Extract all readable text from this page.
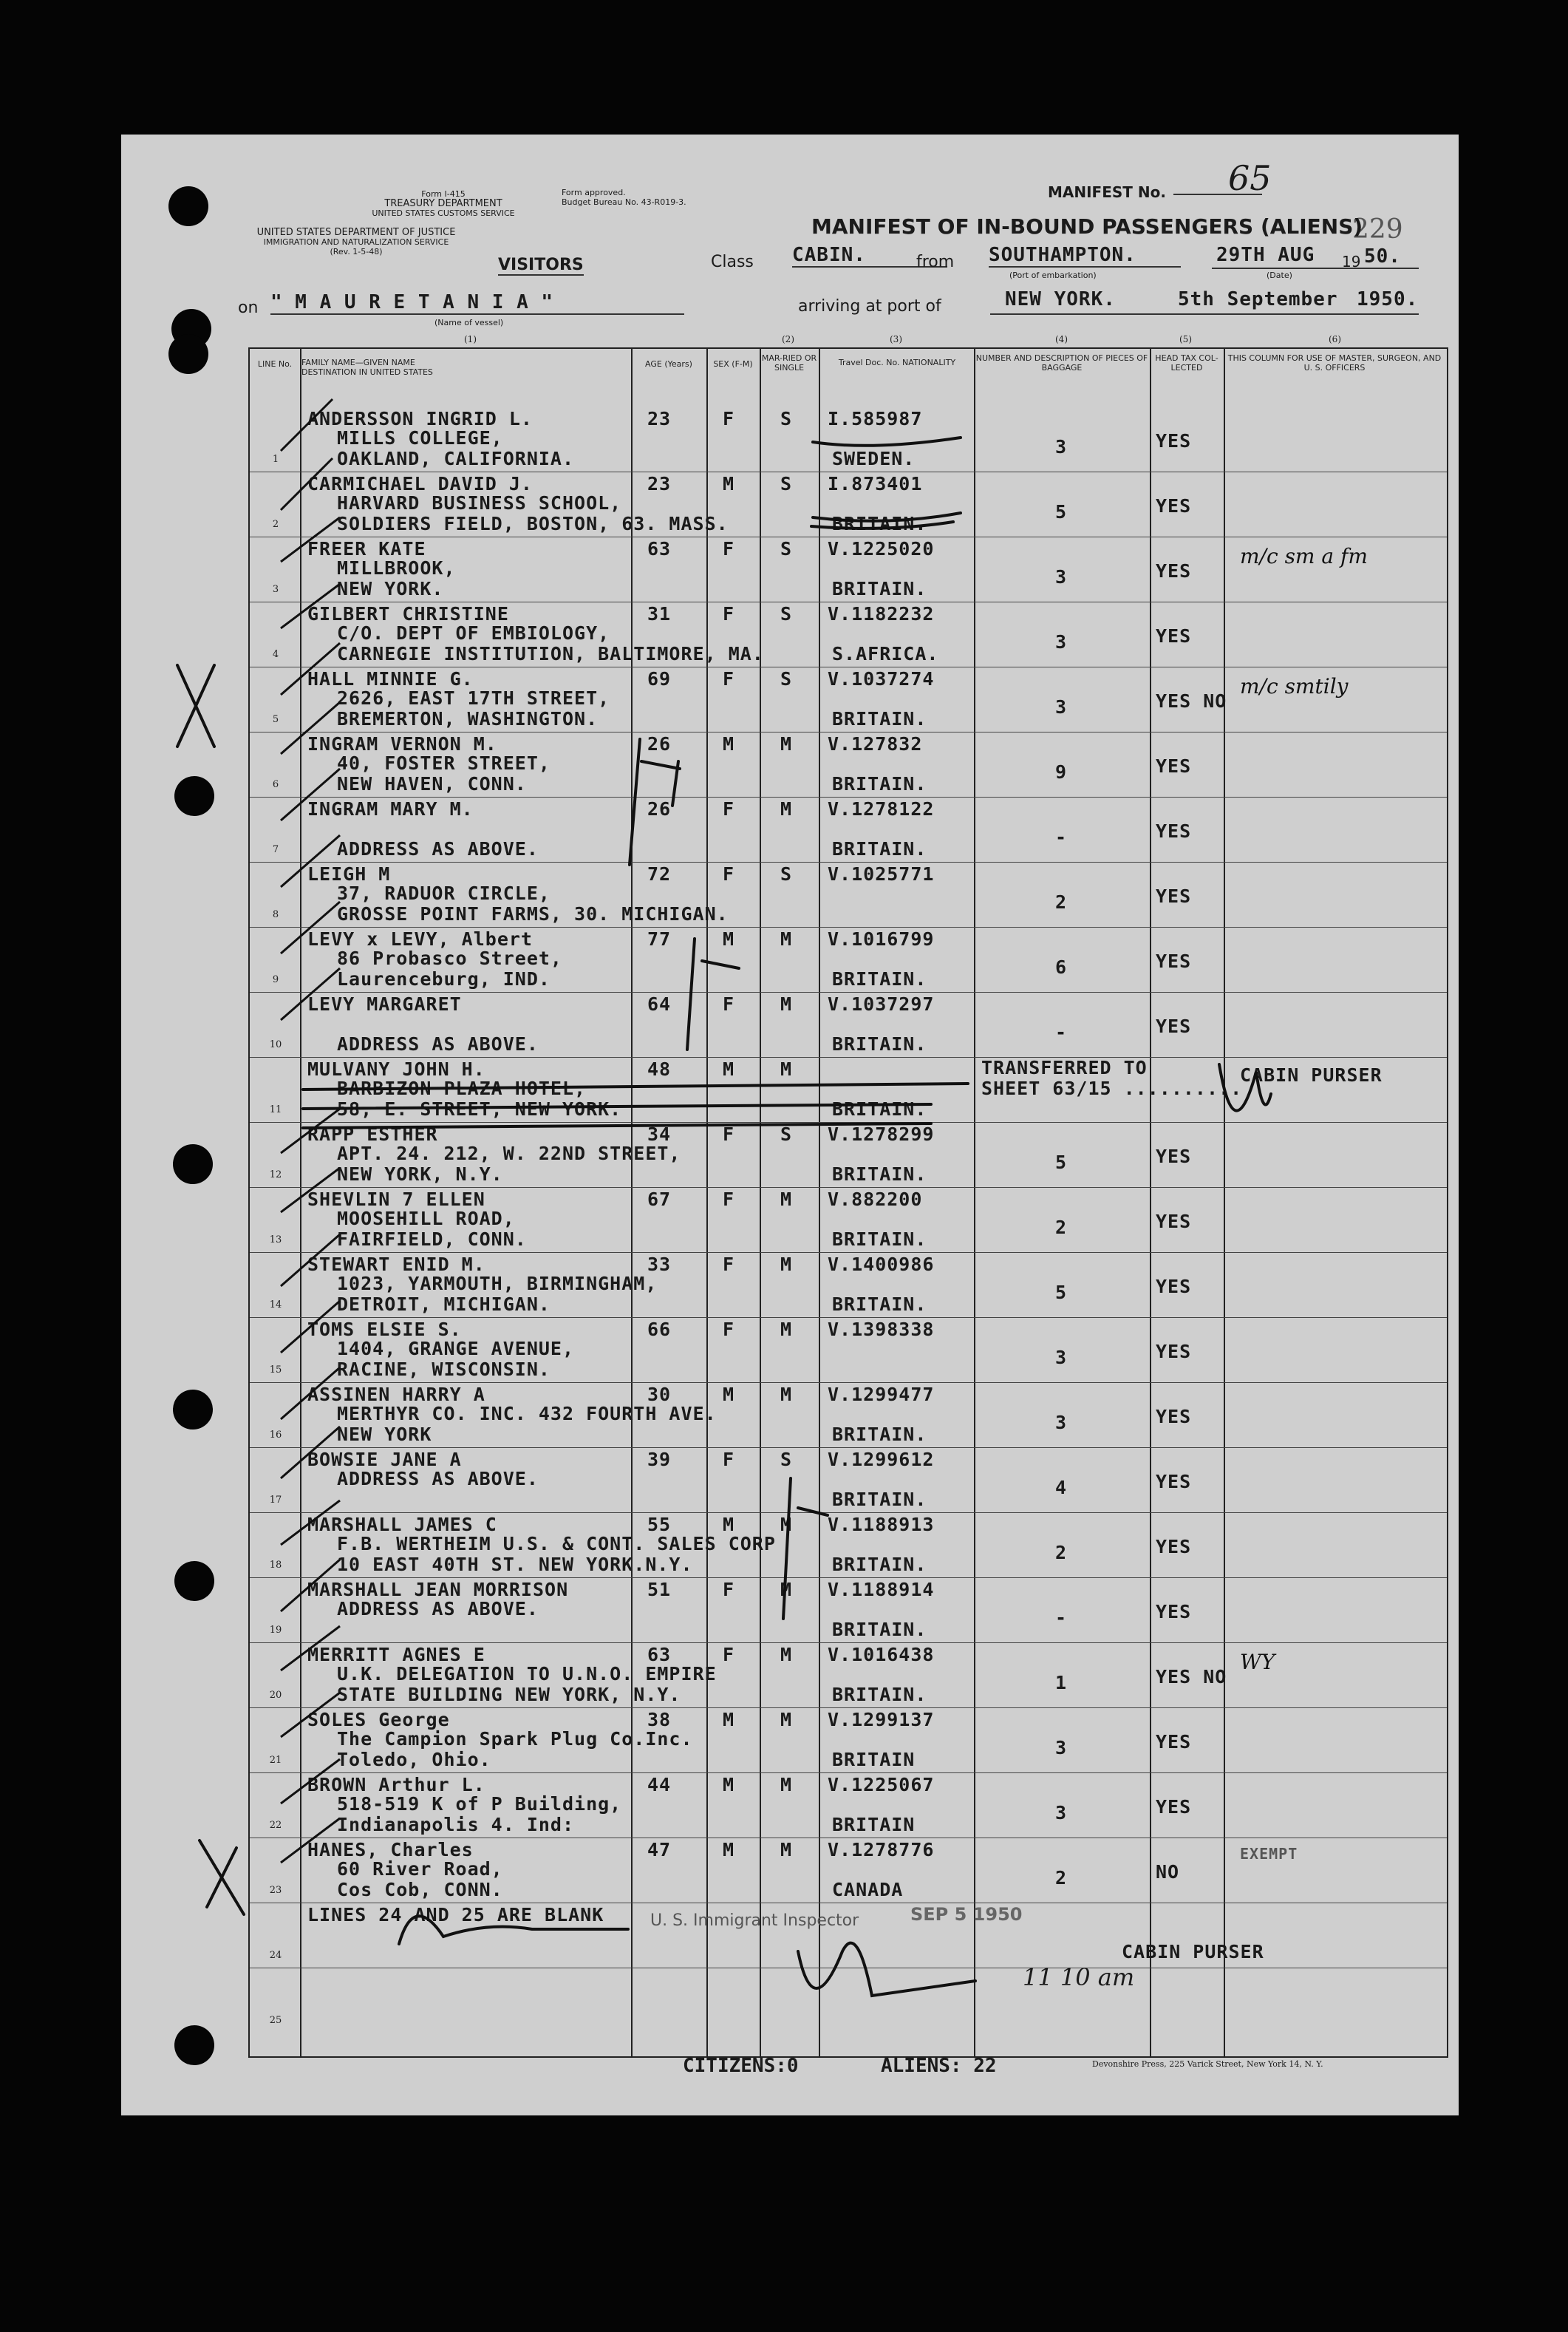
Form I-415
TREASURY DEPARTMENT
UNITED STATES CUSTOMS SERVICE
UNITED STATES DEPARTMENT OF JUSTICE
IMMIGRATION AND NATURALIZATION SERVICE
(Rev. 1-5-48)
Form approved.
Budget Bureau No. 43-R019-3.
MANIFEST No. 65
229
MANIFEST OF IN-BOUND PASSENGERS (ALIENS)
VISITORS	Class CABIN.	from SOUTHAMPTON.
(Port of embarkation)
29TH AUG 19 50.
(Date)
on " M A U R E T A N I A "
(Name of vessel)
arriving at port of	NEW YORK.	5th September 1950.
(1)	(2)	(3)	(4)	(5)	(6)
LINE No.	FAMILY NAME—GIVEN NAME DESTINATION IN UNITED STATES
AGE (Years)	SEX (F-M)
MAR-RIED OR SINGLE
Travel Doc. No. NATIONALITY	NUMBER AND DESCRIPTION OF PIECES OF BAGGAGE
HEAD TAX COL-LECTED
THIS COLUMN FOR USE OF MASTER, SURGEON, AND U. S. OFFICERS
1
ANDERSSON INGRID L.
MILLS COLLEGE,
OAKLAND, CALIFORNIA.
23	F S I.585987
SWEDEN.
3	YES
2
CARMICHAEL DAVID J.
HARVARD BUSINESS SCHOOL,
SOLDIERS FIELD, BOSTON, 63. MASS.
23	M S I.873401
BRITAIN.
5	YES
3
FREER KATE
MILLBROOK,
NEW YORK.
63	F S V.1225020
BRITAIN.
3	YES
m/c sm a fm
4
GILBERT CHRISTINE
C/O. DEPT OF EMBIOLOGY,
CARNEGIE INSTITUTION, BALTIMORE, MA.
31	F S V.1182232
S.AFRICA.
3	YES
5
HALL MINNIE G.
2626, EAST 17TH STREET,
BREMERTON, WASHINGTON.
69	F S V.1037274
BRITAIN.
3	YES NO
m/c smtily
6
INGRAM VERNON M.
40, FOSTER STREET,
NEW HAVEN, CONN.
26	M M V.127832
BRITAIN.
9	YES
7
INGRAM MARY M.
ADDRESS AS ABOVE.
26	F M V.1278122
BRITAIN.
-	YES
8
LEIGH M
37, RADUOR CIRCLE,
GROSSE POINT FARMS, 30. MICHIGAN.
72	F S V.1025771
2	YES
9
LEVY x LEVY, Albert
86 Probasco Street,
Laurenceburg, IND.
77	M M V.1016799
BRITAIN.
6	YES
10
LEVY MARGARET
ADDRESS AS ABOVE.
64	F M V.1037297
BRITAIN.
-	YES
11
MULVANY JOHN H.
BARBIZON PLAZA HOTEL,
58, E. STREET, NEW YORK.
48	M M
BRITAIN.
TRANSFERRED TO
SHEET 63/15 ..........
CABIN PURSER
12
RAPP ESTHER
APT. 24. 212, W. 22ND STREET,
NEW YORK, N.Y.
34	F S V.1278299
BRITAIN.
5	YES
13
SHEVLIN 7 ELLEN
MOOSEHILL ROAD,
FAIRFIELD, CONN.
67	F M V.882200
BRITAIN.
2	YES
14
STEWART ENID M.
1023, YARMOUTH, BIRMINGHAM,
DETROIT, MICHIGAN.
33	F M V.1400986
BRITAIN.
5	YES
15
TOMS ELSIE S.
1404, GRANGE AVENUE,
RACINE, WISCONSIN.
66	F M V.1398338
3	YES
16
ASSINEN HARRY A
MERTHYR CO. INC. 432 FOURTH AVE.
NEW YORK
30	M M V.1299477
BRITAIN.
3	YES
17
BOWSIE JANE A
ADDRESS AS ABOVE.
39	F S V.1299612
BRITAIN.
4	YES
18
MARSHALL JAMES C
F.B. WERTHEIM U.S. & CONT. SALES CORP
10 EAST 40TH ST. NEW YORK.N.Y.
55	M M V.1188913
BRITAIN.
2	YES
19
MARSHALL JEAN MORRISON
ADDRESS AS ABOVE.
51	F M V.1188914
BRITAIN.
-	YES
20
MERRITT AGNES E
U.K. DELEGATION TO U.N.O. EMPIRE
STATE BUILDING NEW YORK, N.Y.
63	F M V.1016438
BRITAIN.
1	YES NO
WY
21
SOLES George
The Campion Spark Plug Co.Inc.
Toledo, Ohio.
38	M M V.1299137
BRITAIN
3	YES
22
BROWN Arthur L.
518-519 K of P Building,
Indianapolis 4. Ind:
44	M M V.1225067
BRITAIN
3	YES
23
HANES, Charles
60 River Road,
Cos Cob, CONN.
47	M M V.1278776
CANADA
2	NO
EXEMPT
24
LINES 24 AND 25 ARE BLANK
CABIN PURSER
25
U. S. Immigrant Inspector	SEP 5 1950
11 10 am
CITIZENS:0	ALIENS: 22	Devonshire Press, 225 Varick Street, New York 14, N. Y.
